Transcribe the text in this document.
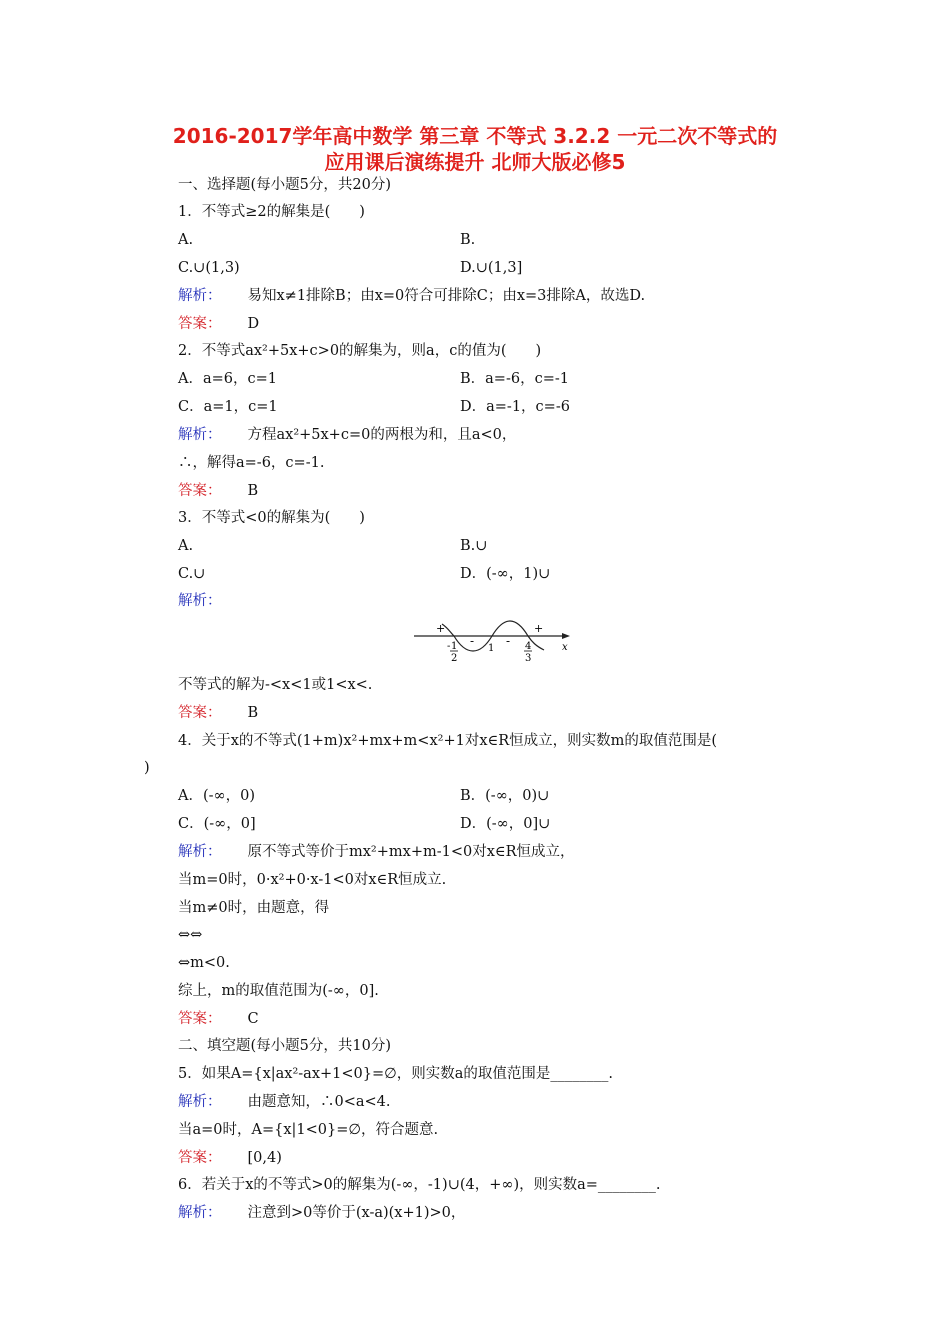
2016-2017学年高中数学 第三章 不等式 3.2.2 一元二次不等式的
应用课后演练提升 北师大版必修5
一、选择题(每小题5分，共20分)
1．不等式≥2的解集是(　　)
A.	B.
C.∪(1,3)	D.∪(1,3]
解析： 易知x≠1排除B；由x=0符合可排除C；由x=3排除A，故选D.
答案： D
2．不等式ax²+5x+c>0的解集为，则a，c的值为(　　)
A．a=6，c=1	B．a=-6，c=-1
C．a=1，c=1	D．a=-1，c=-6
解析： 方程ax²+5x+c=0的两根为和，且a<0，
∴，解得a=-6，c=-1.
答案： B
3．不等式<0的解集为(　　)
A.	B.∪
C.∪	D．(-∞，1)∪
解析：
+
-	-
+
- 1
2
1	4
3
x
不等式的解为-<x<1或1<x<.
答案： B
4．关于x的不等式(1+m)x²+mx+m<x²+1对x∈R恒成立，则实数m的取值范围是(
)
A．(-∞，0)	B．(-∞，0)∪
C．(-∞，0]	D．(-∞，0]∪
解析： 原不等式等价于mx²+mx+m-1<0对x∈R恒成立，
当m=0时，0·x²+0·x-1<0对x∈R恒成立.
当m≠0时，由题意，得
⇔⇔
⇔m<0.
综上，m的取值范围为(-∞，0].
答案： C
二、填空题(每小题5分，共10分)
5．如果A={x|ax²-ax+1<0}=∅，则实数a的取值范围是________.
解析： 由题意知，∴0<a<4.
当a=0时，A={x|1<0}=∅，符合题意.
答案： [0,4)
6．若关于x的不等式>0的解集为(-∞，-1)∪(4，+∞)，则实数a=________.
解析： 注意到>0等价于(x-a)(x+1)>0，
